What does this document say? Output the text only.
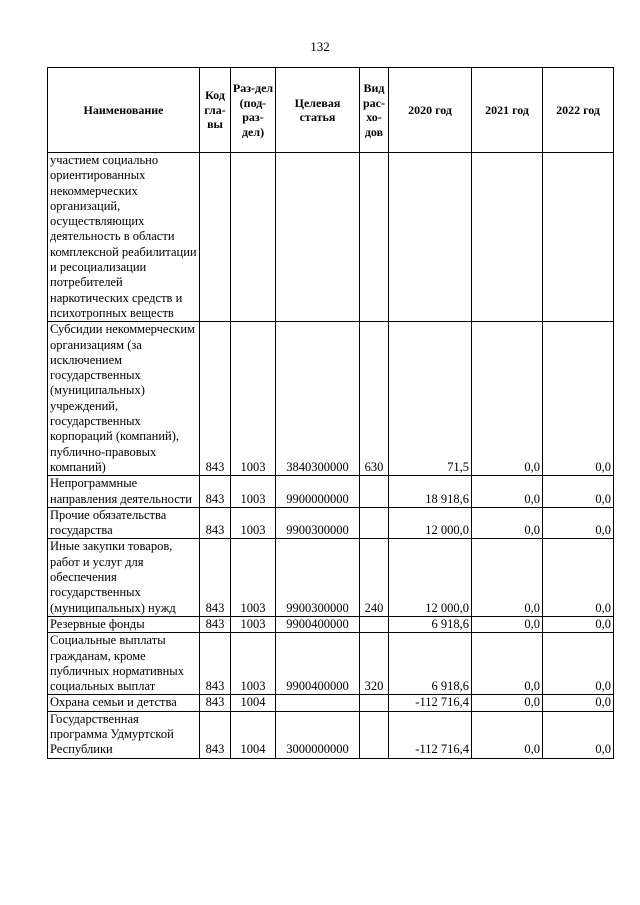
132
Наименование	Код гла-вы	Раз-дел (под-раз-дел)	Целевая статья	Вид рас-хо-дов	2020 год	2021 год	2022 год
участием социально ориентированных некоммерческих организаций, осуществляющих деятельность в области комплексной реабилитации и ресоциализации потребителей наркотических средств и психотропных веществ							
Субсидии некоммерческим организациям (за исключением государственных (муниципальных) учреждений, государственных корпораций (компаний), публично-правовых компаний)	843	1003	3840300000	630	71,5	0,0	0,0
Непрограммные направления деятельности	843	1003	9900000000		18 918,6	0,0	0,0
Прочие обязательства государства	843	1003	9900300000		12 000,0	0,0	0,0
Иные закупки товаров, работ и услуг для обеспечения государственных (муниципальных) нужд	843	1003	9900300000	240	12 000,0	0,0	0,0
Резервные фонды	843	1003	9900400000		6 918,6	0,0	0,0
Социальные выплаты гражданам, кроме публичных нормативных социальных выплат	843	1003	9900400000	320	6 918,6	0,0	0,0
Охрана семьи и детства	843	1004			-112 716,4	0,0	0,0
Государственная программа Удмуртской Республики	843	1004	3000000000		-112 716,4	0,0	0,0
